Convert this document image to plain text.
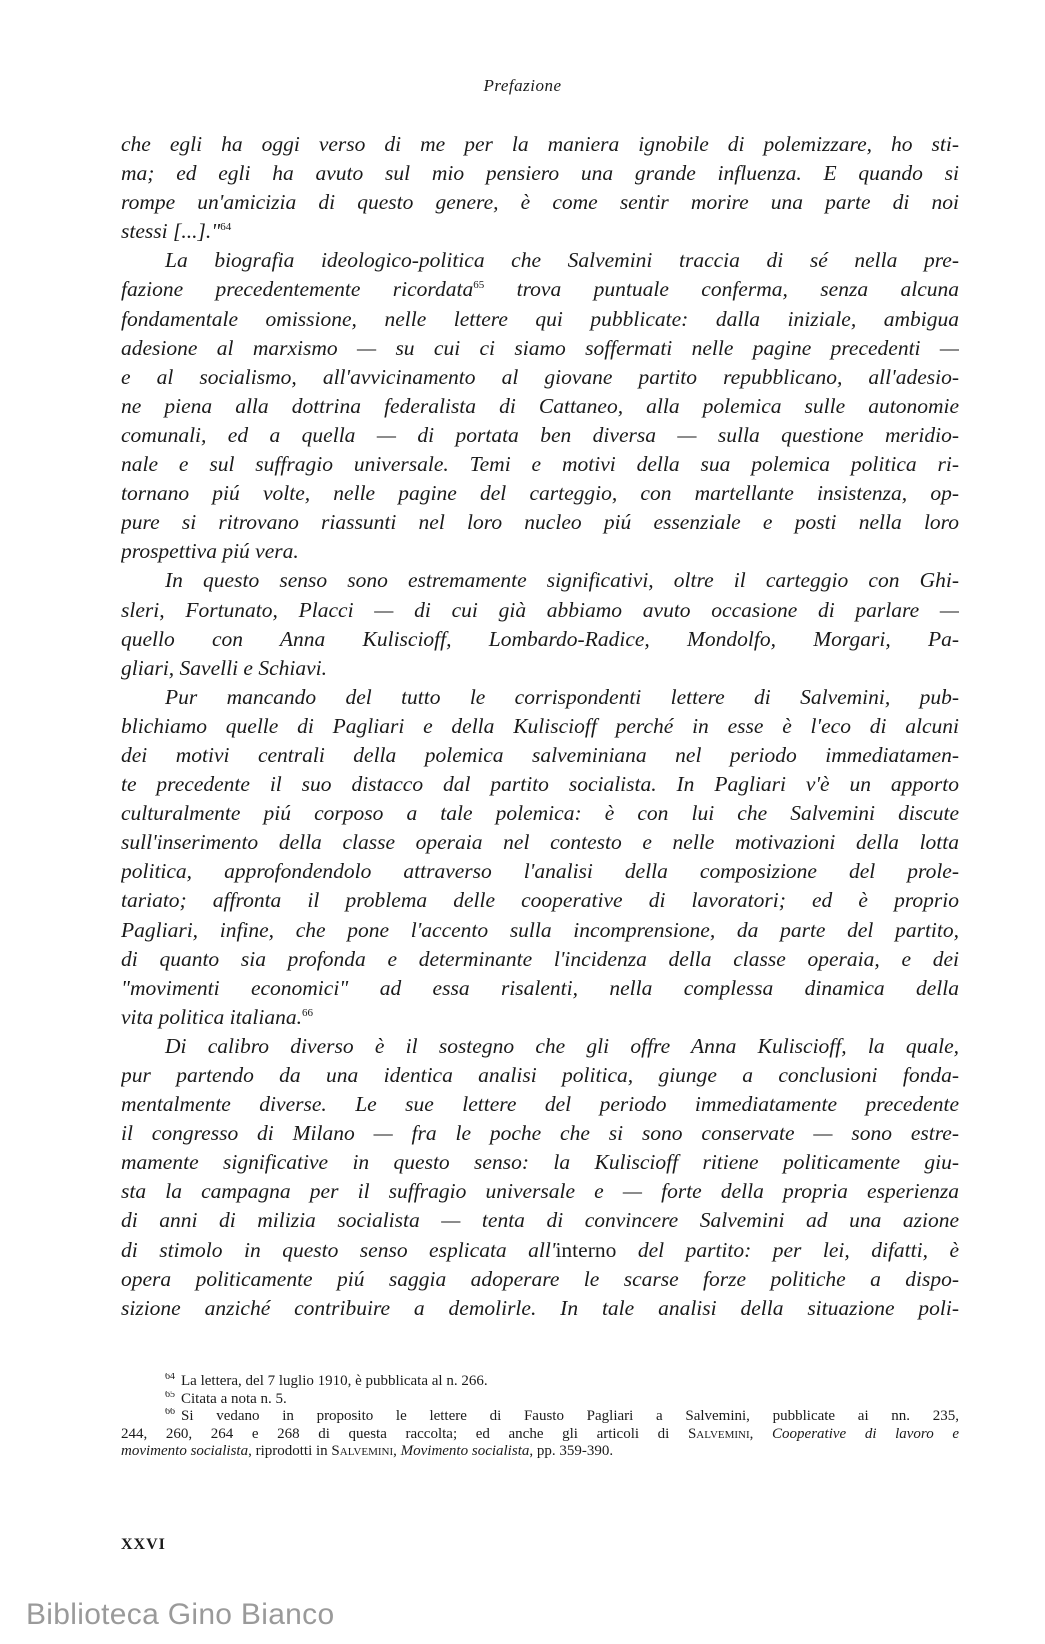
Prefazione
che egli ha oggi verso di me per la maniera ignobile di polemizzare, ho sti-
ma; ed egli ha avuto sul mio pensiero una grande influenza. E quando si
rompe un'amicizia di questo genere, è come sentir morire una parte di noi
stessi [...]."$^{64}$
La biografia ideologico-politica che Salvemini traccia di sé nella pre-
fazione precedentemente ricordata$^{65}$ trova puntuale conferma, senza alcuna
fondamentale omissione, nelle lettere qui pubblicate: dalla iniziale, ambigua
adesione al marxismo — su cui ci siamo soffermati nelle pagine precedenti —
e al socialismo, all'avvicinamento al giovane partito repubblicano, all'adesio-
ne piena alla dottrina federalista di Cattaneo, alla polemica sulle autonomie
comunali, ed a quella — di portata ben diversa — sulla questione meridio-
nale e sul suffragio universale. Temi e motivi della sua polemica politica ri-
tornano piú volte, nelle pagine del carteggio, con martellante insistenza, op-
pure si ritrovano riassunti nel loro nucleo piú essenziale e posti nella loro
prospettiva piú vera.
In questo senso sono estremamente significativi, oltre il carteggio con Ghi-
sleri, Fortunato, Placci — di cui già abbiamo avuto occasione di parlare —
quello con Anna Kuliscioff, Lombardo-Radice, Mondolfo, Morgari, Pa-
gliari, Savelli e Schiavi.
Pur mancando del tutto le corrispondenti lettere di Salvemini, pub-
blichiamo quelle di Pagliari e della Kuliscioff perché in esse è l'eco di alcuni
dei motivi centrali della polemica salveminiana nel periodo immediatamen-
te precedente il suo distacco dal partito socialista. In Pagliari v'è un apporto
culturalmente piú corposo a tale polemica: è con lui che Salvemini discute
sull'inserimento della classe operaia nel contesto e nelle motivazioni della lotta
politica, approfondendolo attraverso l'analisi della composizione del prole-
tariato; affronta il problema delle cooperative di lavoratori; ed è proprio
Pagliari, infine, che pone l'accento sulla incomprensione, da parte del partito,
di quanto sia profonda e determinante l'incidenza della classe operaia, e dei
"movimenti economici" ad essa risalenti, nella complessa dinamica della
vita politica italiana.$^{66}$
Di calibro diverso è il sostegno che gli offre Anna Kuliscioff, la quale,
pur partendo da una identica analisi politica, giunge a conclusioni fonda-
mentalmente diverse. Le sue lettere del periodo immediatamente precedente
il congresso di Milano — fra le poche che si sono conservate — sono estre-
mamente significative in questo senso: la Kuliscioff ritiene politicamente giu-
sta la campagna per il suffragio universale e — forte della propria esperienza
di anni di milizia socialista — tenta di convincere Salvemini ad una azione
di stimolo in questo senso esplicata all'interno del partito: per lei, difatti, è
opera politicamente piú saggia adoperare le scarse forze politiche a dispo-
sizione anziché contribuire a demolirle. In tale analisi della situazione poli-
$^{64}$ La lettera, del 7 luglio 1910, è pubblicata al n. 266.
$^{65}$ Citata a nota n. 5.
$^{66}$ Si vedano in proposito le lettere di Fausto Pagliari a Salvemini, pubblicate ai nn. 235,
244, 260, 264 e 268 di questa raccolta; ed anche gli articoli di Salvemini, Cooperative di lavoro e
movimento socialista, riprodotti in Salvemini, Movimento socialista, pp. 359-390.
XXVI
Biblioteca Gino Bianco
